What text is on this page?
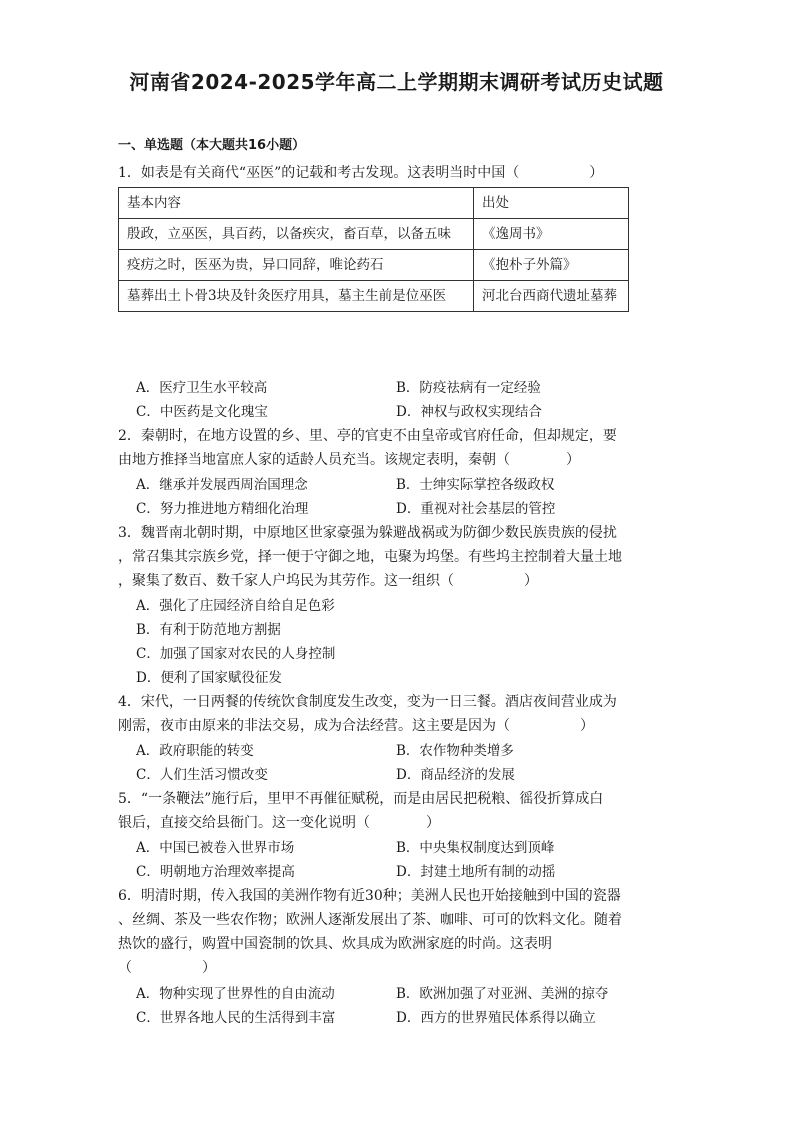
河南省2024-2025学年高二上学期期末调研考试历史试题
一、单选题（本大题共16小题）
1．如表是有关商代“巫医”的记载和考古发现。这表明当时中国（　　　　　）
基本内容	出处
殷政，立巫医，具百药，以备疾灾，畜百草，以备五味	《逸周书》
疫疠之时，医巫为贵，异口同辞，唯论药石	《抱朴子外篇》
墓葬出土卜骨3块及针灸医疗用具，墓主生前是位巫医	河北台西商代遗址墓葬
A．医疗卫生水平较高	B．防疫祛病有一定经验
C．中医药是文化瑰宝	D．神权与政权实现结合
2．秦朝时，在地方设置的乡、里、亭的官吏不由皇帝或官府任命，但却规定，要
由地方推择当地富庶人家的适龄人员充当。该规定表明，秦朝（　　　　）
A．继承并发展西周治国理念	B．士绅实际掌控各级政权
C．努力推进地方精细化治理	D．重视对社会基层的管控
3．魏晋南北朝时期，中原地区世家豪强为躲避战祸或为防御少数民族贵族的侵扰
，常召集其宗族乡党，择一便于守御之地，屯聚为坞堡。有些坞主控制着大量土地
，聚集了数百、数千家人户坞民为其劳作。这一组织（　　　　　）
A．强化了庄园经济自给自足色彩
B．有利于防范地方割据
C．加强了国家对农民的人身控制
D．便利了国家赋役征发
4．宋代，一日两餐的传统饮食制度发生改变，变为一日三餐。酒店夜间营业成为
刚需，夜市由原来的非法交易，成为合法经营。这主要是因为（　　　　　）
A．政府职能的转变	B．农作物种类增多
C．人们生活习惯改变	D．商品经济的发展
5．“一条鞭法”施行后，里甲不再催征赋税，而是由居民把税粮、徭役折算成白
银后，直接交给县衙门。这一变化说明（　　　　）
A．中国已被卷入世界市场	B．中央集权制度达到顶峰
C．明朝地方治理效率提高	D．封建土地所有制的动摇
6．明清时期，传入我国的美洲作物有近30种；美洲人民也开始接触到中国的瓷器
、丝绸、茶及一些农作物；欧洲人逐渐发展出了茶、咖啡、可可的饮料文化。随着
热饮的盛行，购置中国瓷制的饮具、炊具成为欧洲家庭的时尚。这表明
（　　　　　）
A．物种实现了世界性的自由流动	B．欧洲加强了对亚洲、美洲的掠夺
C．世界各地人民的生活得到丰富	D．西方的世界殖民体系得以确立
